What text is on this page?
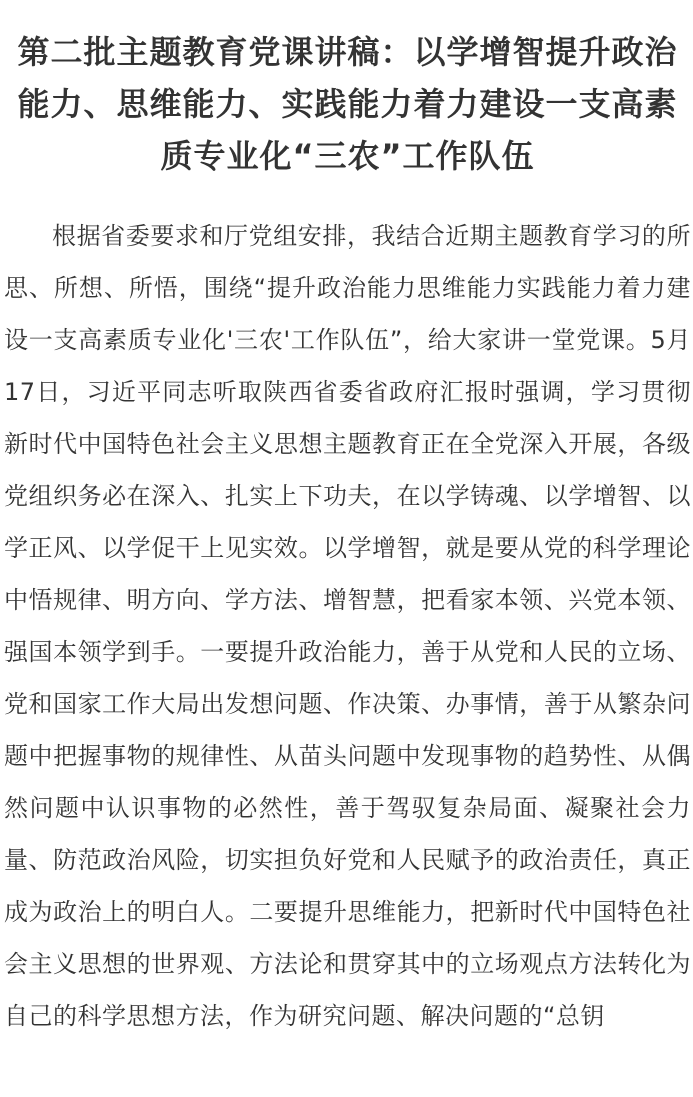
第二批主题教育党课讲稿：以学增智提升政治能力、思维能力、实践能力着力建设一支高素质专业化“三农”工作队伍

根据省委要求和厅党组安排，我结合近期主题教育学习的所思、所想、所悟，围绕“提升政治能力思维能力实践能力着力建设一支高素质专业化'三农'工作队伍”，给大家讲一堂党课。5月17日，习近平同志听取陕西省委省政府汇报时强调，学习贯彻新时代中国特色社会主义思想主题教育正在全党深入开展，各级党组织务必在深入、扎实上下功夫，在以学铸魂、以学增智、以学正风、以学促干上见实效。以学增智，就是要从党的科学理论中悟规律、明方向、学方法、增智慧，把看家本领、兴党本领、强国本领学到手。一要提升政治能力，善于从党和人民的立场、党和国家工作大局出发想问题、作决策、办事情，善于从繁杂问题中把握事物的规律性、从苗头问题中发现事物的趋势性、从偶然问题中认识事物的必然性，善于驾驭复杂局面、凝聚社会力量、防范政治风险，切实担负好党和人民赋予的政治责任，真正成为政治上的明白人。二要提升思维能力，把新时代中国特色社会主义思想的世界观、方法论和贯穿其中的立场观点方法转化为自己的科学思想方法，作为研究问题、解决问题的“总钥
